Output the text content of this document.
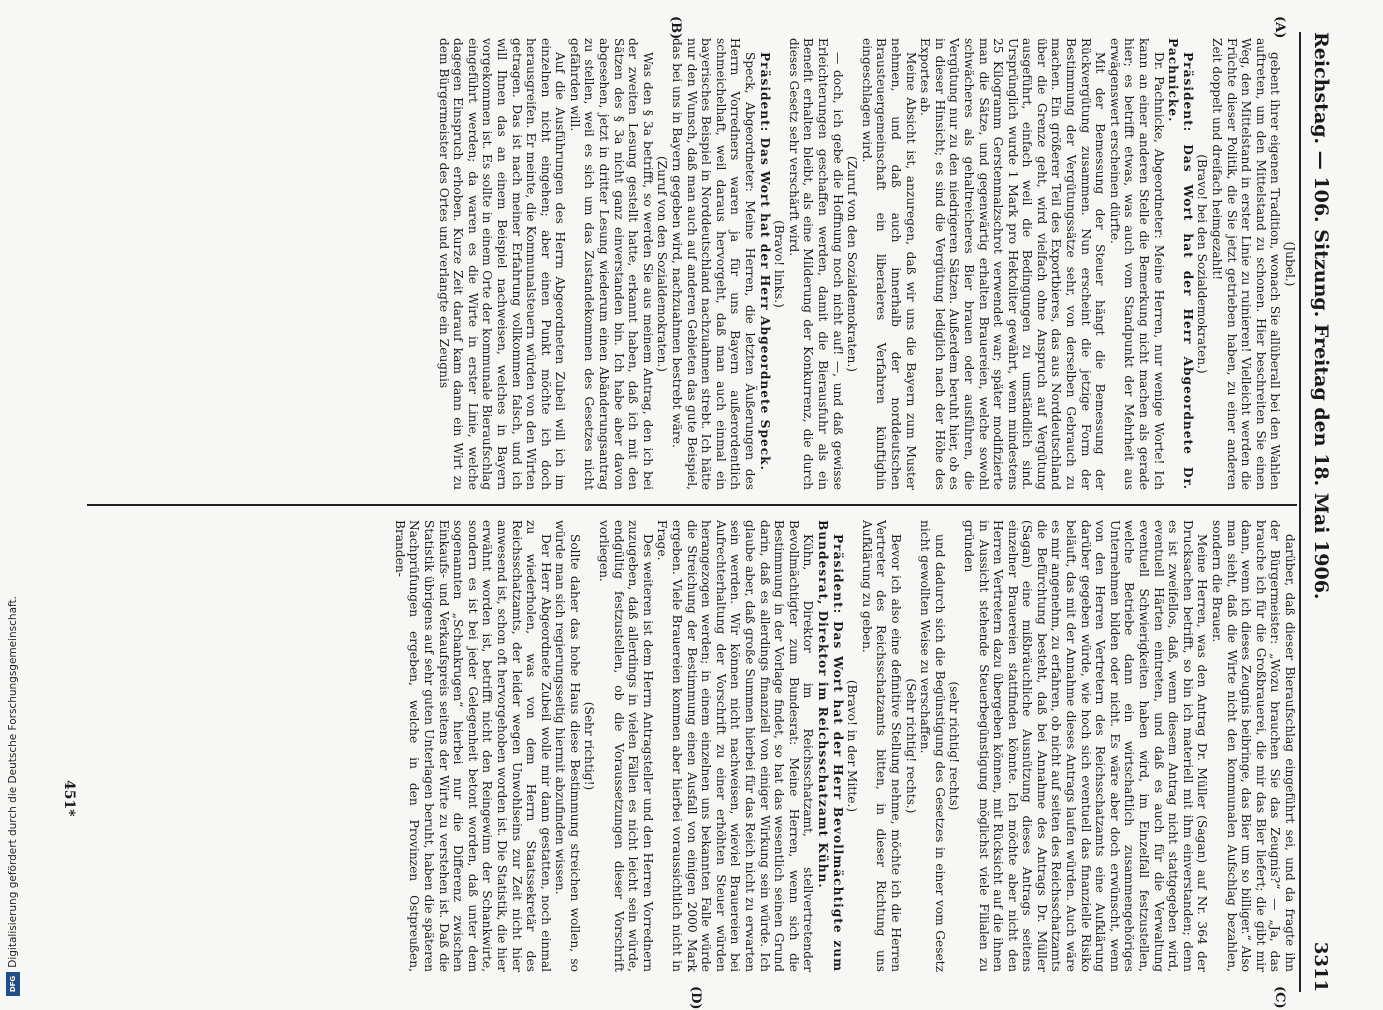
Reichstag. — 106. Sitzung. Freitag den 18. Mai 1906.
3311
(A)
(B)
(C)
(D)

(Jubel.)

gebent ihrer eigenen Tradition, wonach Sie allüberall bei den Wahlen auftreten, um den Mittelstand zu schonen. Hier beschreiten Sie einen Weg, den Mittelstand in erster Linie zu ruinieren! Vielleicht werden die Früchte dieser Politik, die Sie jetzt getrieben haben, zu einer anderen Zeit doppelt und dreifach heimgezahlt!

(Bravo! bei den Sozialdemokraten.)

Präsident: Das Wort hat der Herr Abgeordnete Dr. Pachnicke.

Dr. Pachnicke, Abgeordneter: Meine Herren, nur wenige Worte! Ich kann an einer anderen Stelle die Bemerkung nicht machen als gerade hier; es betrifft etwas, was auch vom Standpunkt der Mehrheit aus erwägenswert erscheinen dürfte.

Mit der Bemessung der Steuer hängt die Bemessung der Rückvergütung zusammen. Nun erscheint die jetzige Form der Bestimmung der Vergütungssätze sehr, von derselben Gebrauch zu machen. Ein größerer Teil des Exportbieres, das aus Norddeutschland über die Grenze geht, wird vielfach ohne Anspruch auf Vergütung ausgeführt, einfach weil die Bedingungen zu umständlich sind. Ursprünglich wurde 1 Mark pro Hektoliter gewährt, wenn mindestens 25 Kilogramm Gerstenmalzschrot verwendet war; später modifizierte man die Sätze, und gegenwärtig erhalten Brauereien, welche sowohl schwächeres als gehaltreicheres Bier brauen oder ausführen, die Vergütung nur zu den niedrigeren Sätzen. Außerdem beruht hier, ob es in dieser Hinsicht; es sind die Vergütung lediglich nach der Höhe des Exportes ab.

Meine Absicht ist, anzuregen, daß wir uns die Bayern zum Muster nehmen, und daß auch innerhalb der norddeutschen Brausteuergemeinschaft ein liberaleres Verfahren künftighin eingeschlagen wird.

(Zuruf von den Sozialdemokraten.)

— doch, ich gebe die Hoffnung noch nicht auf! —, und daß gewisse Erleichterungen geschaffen werden, damit die Bierausfuhr als ein Benefit erhalten bleibt, als eine Milderung der Konkurrenz, die durch dieses Gesetz sehr verschärft wird.

(Bravo! links.)

Präsident: Das Wort hat der Herr Abgeordnete Speck.

Speck, Abgeordneter: Meine Herren, die letzten Äußerungen des Herrn Vorredners waren ja für uns Bayern außerordentlich schmeichelhaft, weil daraus hervorgeht, daß man auch einmal ein bayerisches Beispiel in Norddeutschland nachzuahmen strebt. Ich hätte nur den Wunsch, daß man auch auf anderen Gebieten das gute Beispiel, das bei uns in Bayern gegeben wird, nachzuahmen bestrebt wäre.

(Zuruf von den Sozialdemokraten.)

Was den § 3a betrifft, so werden Sie aus meinem Antrag, den ich bei der zweiten Lesung gestellt hatte, erkannt haben, daß ich mit den Sätzen des § 3a nicht ganz einverstanden bin. Ich habe aber davon abgesehen, jetzt in dritter Lesung wiederum einen Abänderungsantrag zu stellen, weil es sich um das Zustandekommen des Gesetzes nicht gefährden will.

Auf die Ausführungen des Herrn Abgeordneten Zubeil will ich im einzelnen nicht eingehen; aber einen Punkt möchte ich doch herausgreifen. Er meinte, die Kommunalsteuern würden von den Wirten getragen. Das ist nach meiner Erfahrung vollkommen falsch, und ich will Ihnen das an einem Beispiel nachweisen, welches in Bayern vorgekommen ist. Es sollte in einem Orte der kommunale Bieraufschlag eingeführt werden; da waren es die Wirte in erster Linie, welche dagegen Einspruch erhoben. Kurze Zeit darauf kam dann ein Wirt zu dem Bürgermeister des Ortes und verlangte ein Zeugnis

darüber, daß dieser Bieraufschlag eingeführt sei, und da fragte ihn der Bürgermeister: „Wozu brauchen Sie das Zeugnis?“ — „Ja, das brauche ich für die Großbrauerei, die mir das Bier liefert; die gibt mir dann, wenn ich dieses Zeugnis beibringe, das Bier um so billiger.“ Also man sieht, daß die Wirte nicht den kommunalen Aufschlag bezahlen, sondern die Brauer.

Meine Herren, was den Antrag Dr. Müller (Sagan) auf Nr. 364 der Drucksachen betrifft, so bin ich materiell mit ihm einverstanden; denn es ist zweifellos, daß, wenn diesem Antrag nicht stattgegeben wird, eventuell Härten eintreten, und daß es auch für die Verwaltung eventuell Schwierigkeiten haben wird, im Einzelfall festzustellen, welche Betriebe dann ein wirtschaftlich zusammengehöriges Unternehmen bilden oder nicht. Es wäre aber doch erwünscht, wenn von den Herren Vertretern des Reichsschatzamts eine Aufklärung darüber gegeben würde, wie hoch sich eventuell das finanzielle Risiko beläuft, das mit der Annahme dieses Antrags laufen würden. Auch wäre es mir angenehm, zu erfahren, ob nicht auf seiten des Reichsschatzamts die Befürchtung besteht, daß bei Annahme des Antrags Dr. Müller (Sagan) eine mißbräuchliche Ausnützung dieses Antrags seitens einzelner Brauereien stattfinden könnte. Ich möchte aber nicht den Herren Vertretern dazu übergeben können, mit Rücksicht auf die ihnen in Aussicht stehende Steuerbegünstigung möglichst viele Filialen zu gründen

(sehr richtig! rechts)

und dadurch sich die Begünstigung des Gesetzes in einer vom Gesetz nicht gewollten Weise zu verschaffen.

(Sehr richtig! rechts.)

Bevor ich also eine definitive Stellung nehme, möchte ich die Herren Vertreter des Reichsschatzamts bitten, in dieser Richtung uns Aufklärung zu geben.

(Bravo! in der Mitte.)

Präsident: Das Wort hat der Herr Bevollmächtigte zum Bundesrat, Direktor im Reichsschatzamt Kühn.

Kühn, Direktor im Reichsschatzamt, stellvertretender Bevollmächtigter zum Bundesrat: Meine Herren, wenn sich die Bestimmung in der Vorlage findet, so hat das wesentlich seinen Grund darin, daß es allerdings finanziell von einiger Wirkung sein würde. Ich glaube aber, daß große Summen hierbei für das Reich nicht zu erwarten sein werden. Wir können nicht nachweisen, wieviel Brauereien bei Aufrechterhaltung der Vorschrift zu einer erhöhten Steuer würden herangezogen werden; in einem einzelnen uns bekannten Falle würde die Streichung der Bestimmung einen Ausfall von einigen 2000 Mark ergeben. Viele Brauereien kommen aber hierbei voraussichtlich nicht in Frage.

Des weiteren ist dem Herrn Antragsteller und den Herren Vorrednern zuzugeben, daß allerdings in vielen Fällen es nicht leicht sein würde, endgültig festzustellen, ob die Voraussetzungen dieser Vorschrift vorliegen.

(Sehr richtig!)

Sollte daher das hohe Haus diese Bestimmung streichen wollen, so würde man sich regierungsseitig hiermit abzufinden wissen.

Der Herr Abgeordnete Zubeil wolle mir dann gestatten, noch einmal zu wiederholen, was von dem Herrn Staatssekretär des Reichsschatzamts, der leider wegen Unwohlseins zur Zeit nicht hier anwesend ist, schon oft hervorgehoben worden ist. Die Statistik, die hier erwähnt worden ist, betrifft nicht den Reingewinn der Schankwirte, sondern es ist bei jeder Gelegenheit betont worden, daß unter dem sogenannten „Schankrugen“ hierbei nur die Differenz zwischen Einkaufs- und Verkaufspreis seitens der Wirte zu verstehen ist. Daß die Statistik übrigens auf sehr guten Unterlagen beruht, haben die späteren Nachprüfungen ergeben, welche in den Provinzen Ostpreußen, Branden-

451*
Digitalisierung gefördert durch die Deutsche Forschungsgemeinschaft.
DFG
